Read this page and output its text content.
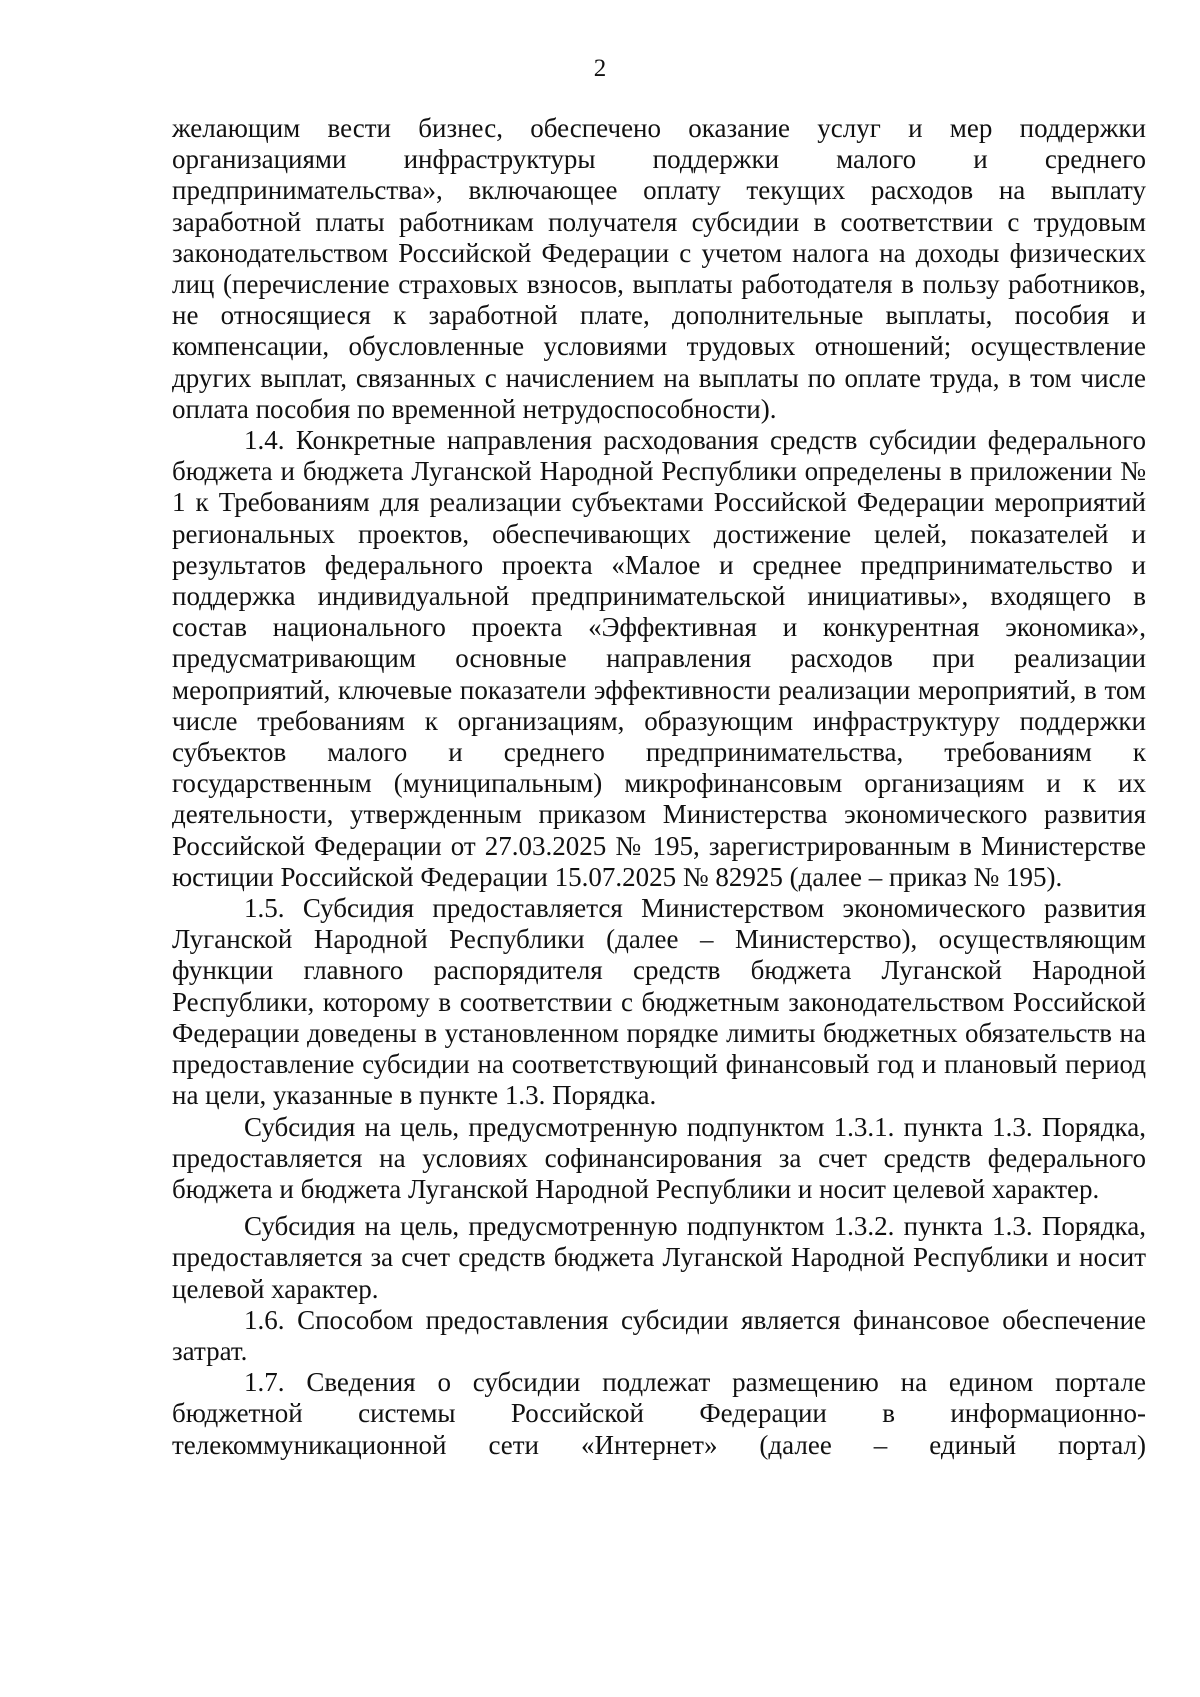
2

желающим вести бизнес, обеспечено оказание услуг и мер поддержки организациями инфраструктуры поддержки малого и среднего предпринимательства», включающее оплату текущих расходов на выплату заработной платы работникам получателя субсидии в соответствии с трудовым законодательством Российской Федерации с учетом налога на доходы физических лиц (перечисление страховых взносов, выплаты работодателя в пользу работников, не относящиеся к заработной плате, дополнительные выплаты, пособия и компенсации, обусловленные условиями трудовых отношений; осуществление других выплат, связанных с начислением на выплаты по оплате труда, в том числе оплата пособия по временной нетрудоспособности).

1.4. Конкретные направления расходования средств субсидии федерального бюджета и бюджета Луганской Народной Республики определены в приложении № 1 к Требованиям для реализации субъектами Российской Федерации мероприятий региональных проектов, обеспечивающих достижение целей, показателей и результатов федерального проекта «Малое и среднее предпринимательство и поддержка индивидуальной предпринимательской инициативы», входящего в состав национального проекта «Эффективная и конкурентная экономика», предусматривающим основные направления расходов при реализации мероприятий, ключевые показатели эффективности реализации мероприятий, в том числе требованиям к организациям, образующим инфраструктуру поддержки субъектов малого и среднего предпринимательства, требованиям к государственным (муниципальным) микрофинансовым организациям и к их деятельности, утвержденным приказом Министерства экономического развития Российской Федерации от 27.03.2025 № 195, зарегистрированным в Министерстве юстиции Российской Федерации 15.07.2025 № 82925 (далее – приказ № 195).

1.5. Субсидия предоставляется Министерством экономического развития Луганской Народной Республики (далее – Министерство), осуществляющим функции главного распорядителя средств бюджета Луганской Народной Республики, которому в соответствии с бюджетным законодательством Российской Федерации доведены в установленном порядке лимиты бюджетных обязательств на предоставление субсидии на соответствующий финансовый год и плановый период на цели, указанные в пункте 1.3. Порядка.

Субсидия на цель, предусмотренную подпунктом 1.3.1. пункта 1.3. Порядка, предоставляется на условиях софинансирования за счет средств федерального бюджета и бюджета Луганской Народной Республики и носит целевой характер.

Субсидия на цель, предусмотренную подпунктом 1.3.2. пункта 1.3. Порядка, предоставляется за счет средств бюджета Луганской Народной Республики и носит целевой характер.

1.6. Способом предоставления субсидии является финансовое обеспечение затрат.

1.7. Сведения о субсидии подлежат размещению на едином портале бюджетной системы Российской Федерации в информационно-телекоммуникационной сети «Интернет» (далее – единый портал)
